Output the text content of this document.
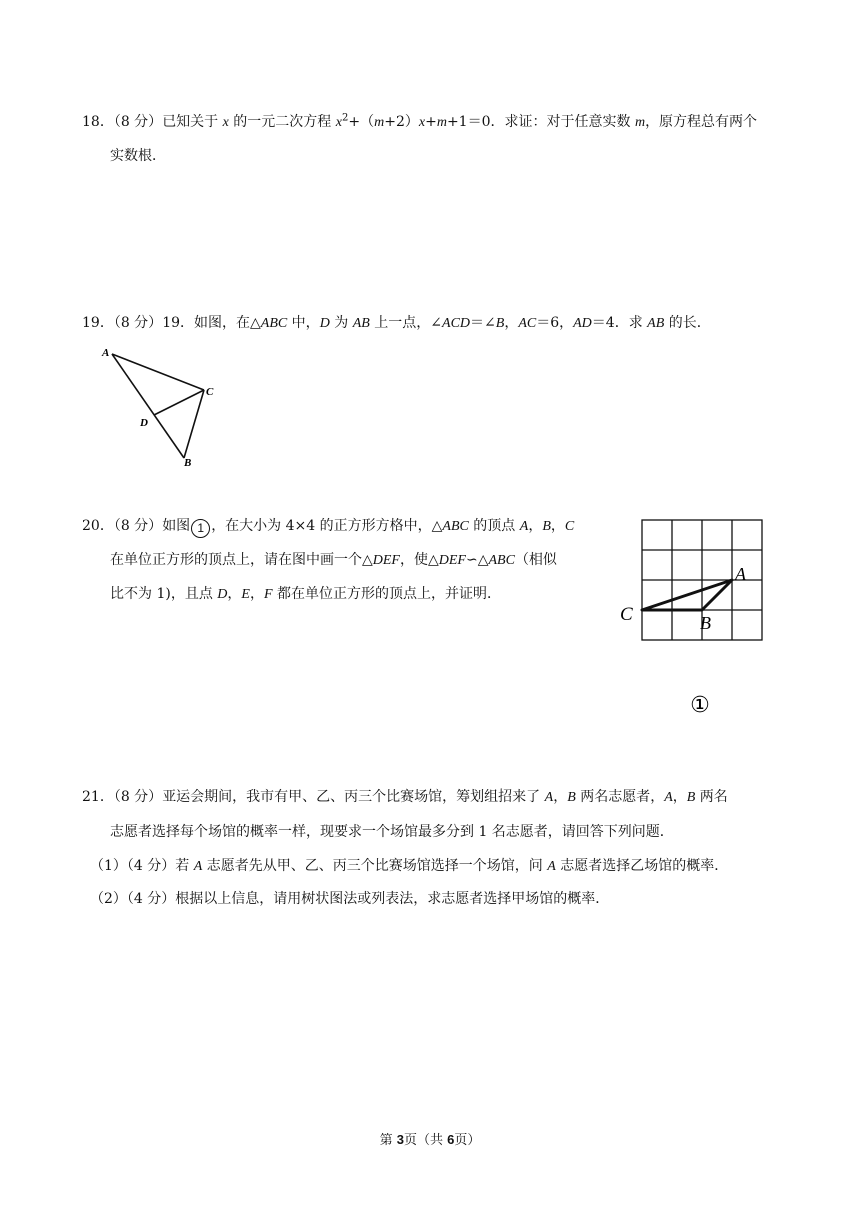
18．（8 分）已知关于 x 的一元二次方程 $x^2+(m+2)x+m+1=0$．求证：对于任意实数 m，原方程总有两个
实数根．
19．（8 分）19．如图，在△ABC 中，D 为 AB 上一点，∠ACD＝∠B，AC＝6，AD＝4．求 AB 的长．
A
C
D
B
20．（8 分）如图 1 ，在大小为 4×4 的正方形方格中，△ABC 的顶点 A，B，C
在单位正方形的顶点上，请在图中画一个△DEF，使△DEF∽△ABC（相似
比不为 1)，且点 D，E，F 都在单位正方形的顶点上，并证明．
A
B
C
①
21．（8 分）亚运会期间，我市有甲、乙、丙三个比赛场馆，筹划组招来了 A，B 两名志愿者，A，B 两名
志愿者选择每个场馆的概率一样，现要求一个场馆最多分到 1 名志愿者，请回答下列问题．
（1）（4 分）若 A 志愿者先从甲、乙、丙三个比赛场馆选择一个场馆，问 A 志愿者选择乙场馆的概率．
（2）（4 分）根据以上信息，请用树状图法或列表法，求志愿者选择甲场馆的概率．
第 3页（共 6页）
